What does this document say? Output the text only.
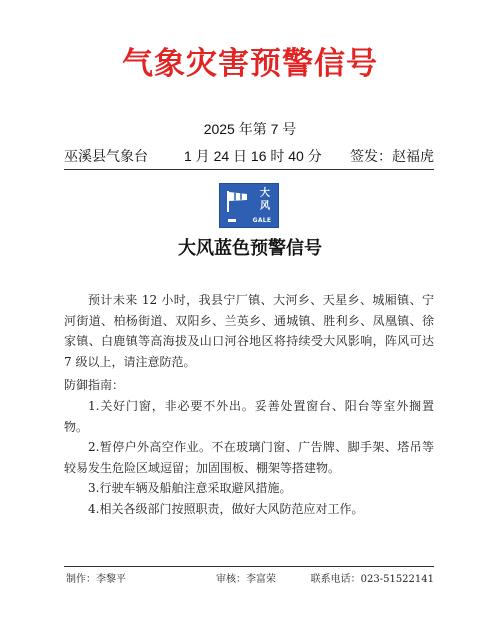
气象灾害预警信号
2025 年第 7 号
巫溪县气象台	1 月 24 日 16 时 40 分 签发：赵福虎
大
风
GALE
大风蓝色预警信号

预计未来 12 小时，我县宁厂镇、大河乡、天星乡、城厢镇、宁河街道、柏杨街道、双阳乡、兰英乡、通城镇、胜利乡、凤凰镇、徐家镇、白鹿镇等高海拔及山口河谷地区将持续受大风影响，阵风可达 7 级以上，请注意防范。

防御指南：

1.关好门窗，非必要不外出。妥善处置窗台、阳台等室外搁置物。

2.暂停户外高空作业。不在玻璃门窗、广告牌、脚手架、塔吊等较易发生危险区域逗留；加固围板、棚架等搭建物。

3.行驶车辆及船舶注意采取避风措施。

4.相关各级部门按照职责，做好大风防范应对工作。

制作：李黎平	审核：李富荣	联系电话：023-51522141
